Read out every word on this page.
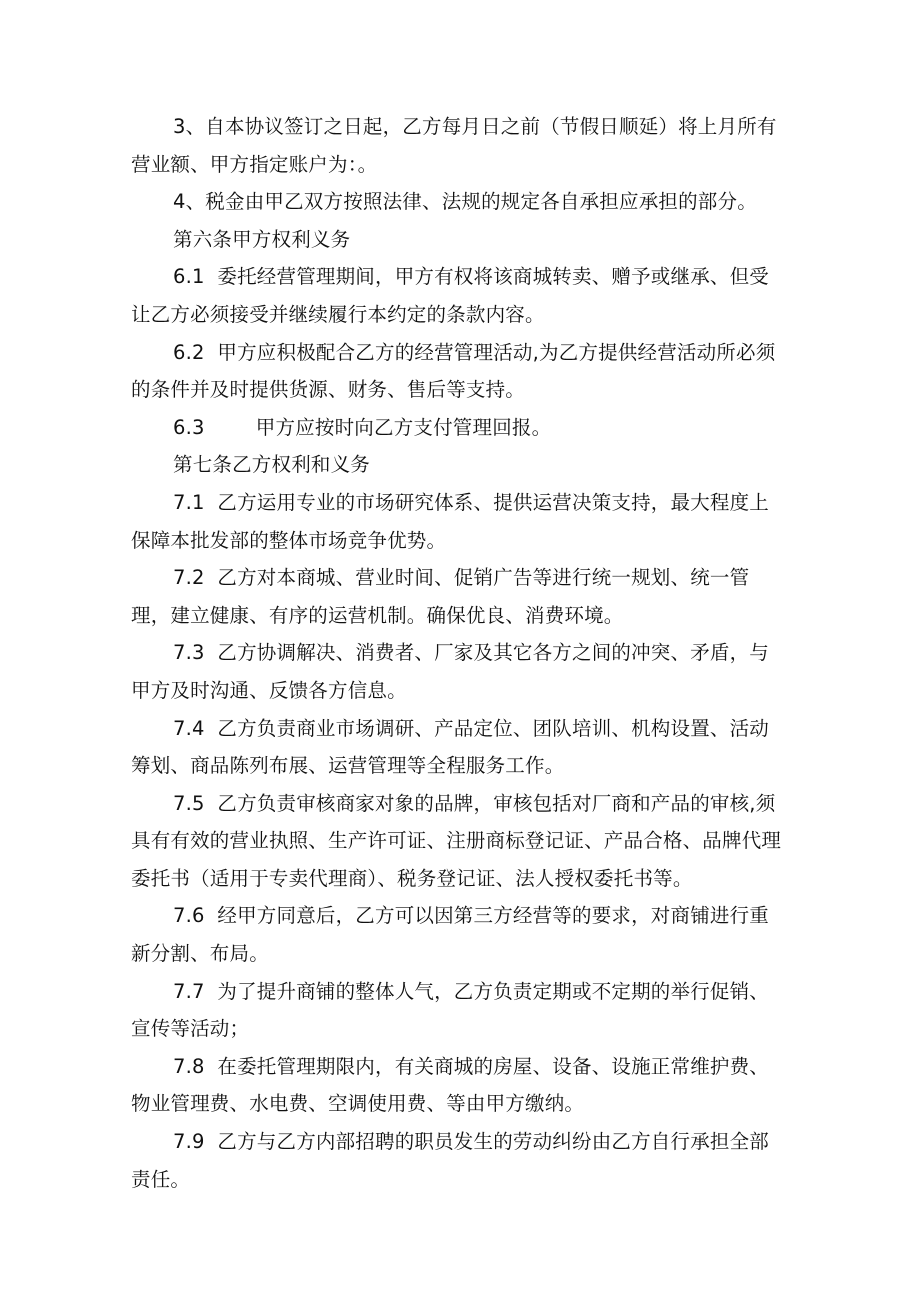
3、自本协议签订之日起，乙方每月日之前（节假日顺延）将上月所有营业额、甲方指定账户为：。

4、税金由甲乙双方按照法律、法规的规定各自承担应承担的部分。

第六条甲方权利义务

6.1  委托经营管理期间，甲方有权将该商城转卖、赠予或继承、但受让乙方必须接受并继续履行本约定的条款内容。

6.2  甲方应积极配合乙方的经营管理活动,为乙方提供经营活动所必须的条件并及时提供货源、财务、售后等支持。

6.3        甲方应按时向乙方支付管理回报。

第七条乙方权利和义务

7.1  乙方运用专业的市场研究体系、提供运营决策支持，最大程度上保障本批发部的整体市场竞争优势。

7.2  乙方对本商城、营业时间、促销广告等进行统一规划、统一管理，建立健康、有序的运营机制。确保优良、消费环境。

7.3  乙方协调解决、消费者、厂家及其它各方之间的冲突、矛盾，与甲方及时沟通、反馈各方信息。

7.4  乙方负责商业市场调研、产品定位、团队培训、机构设置、活动筹划、商品陈列布展、运营管理等全程服务工作。

7.5  乙方负责审核商家对象的品牌，审核包括对厂商和产品的审核,须具有有效的营业执照、生产许可证、注册商标登记证、产品合格、品牌代理委托书（适用于专卖代理商）、税务登记证、法人授权委托书等。

7.6  经甲方同意后，乙方可以因第三方经营等的要求，对商铺进行重新分割、布局。

7.7  为了提升商铺的整体人气，乙方负责定期或不定期的举行促销、宣传等活动；

7.8  在委托管理期限内，有关商城的房屋、设备、设施正常维护费、物业管理费、水电费、空调使用费、等由甲方缴纳。

7.9  乙方与乙方内部招聘的职员发生的劳动纠纷由乙方自行承担全部责任。
